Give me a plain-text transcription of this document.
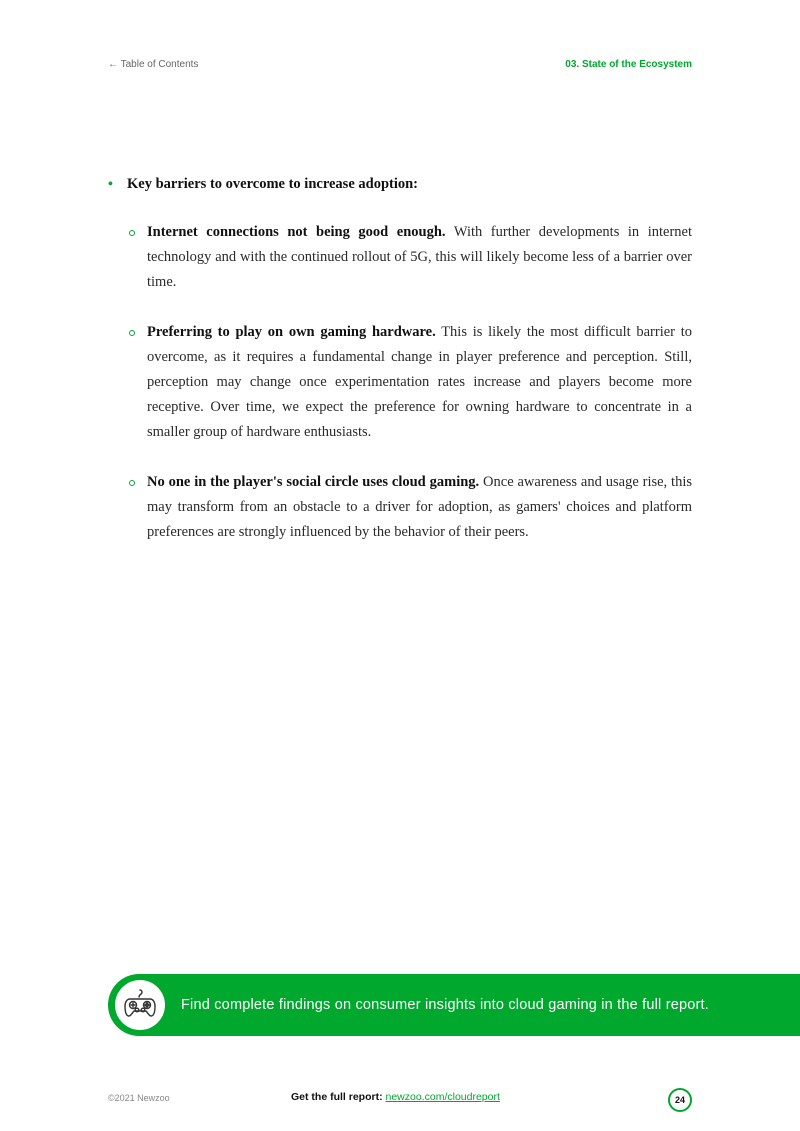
← Table of Contents	03. State of the Ecosystem
• Key barriers to overcome to increase adoption:

Internet connections not being good enough. With further developments in internet technology and with the continued rollout of 5G, this will likely become less of a barrier over time.

Preferring to play on own gaming hardware. This is likely the most difficult barrier to overcome, as it requires a fundamental change in player preference and perception. Still, perception may change once experimentation rates increase and players become more receptive. Over time, we expect the preference for owning hardware to concentrate in a smaller group of hardware enthusiasts.

No one in the player's social circle uses cloud gaming. Once awareness and usage rise, this may transform from an obstacle to a driver for adoption, as gamers' choices and platform preferences are strongly influenced by the behavior of their peers.

Find complete findings on consumer insights into cloud gaming in the full report.
©2021 Newzoo	Get the full report: newzoo.com/cloudreport	24
